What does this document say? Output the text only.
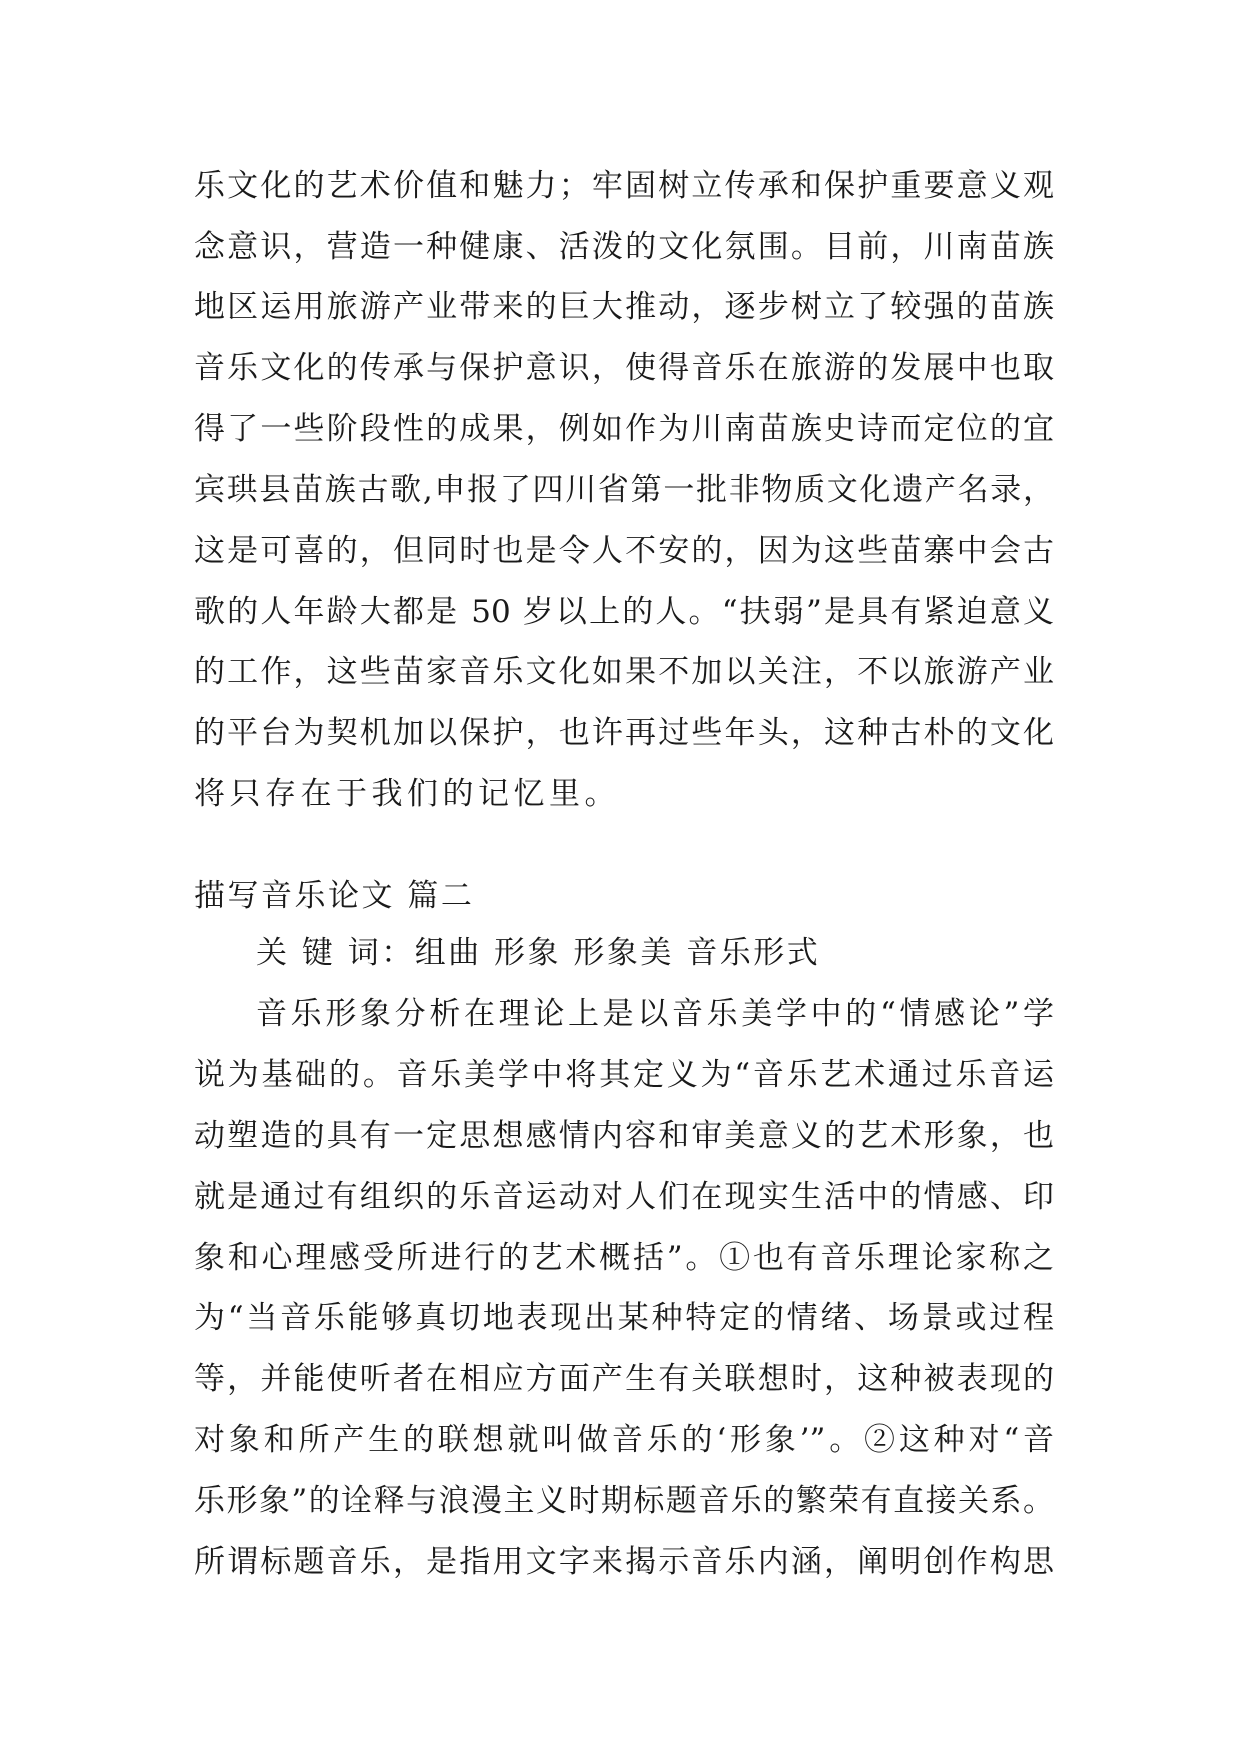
乐文化的艺术价值和魅力；牢固树立传承和保护重要意义观
念意识，营造一种健康、活泼的文化氛围。目前，川南苗族
地区运用旅游产业带来的巨大推动，逐步树立了较强的苗族
音乐文化的传承与保护意识，使得音乐在旅游的发展中也取
得了一些阶段性的成果，例如作为川南苗族史诗而定位的宜
宾珙县苗族古歌,申报了四川省第一批非物质文化遗产名录，
这是可喜的，但同时也是令人不安的，因为这些苗寨中会古
歌的人年龄大都是 50 岁以上的人。“扶弱”是具有紧迫意义
的工作，这些苗家音乐文化如果不加以关注，不以旅游产业
的平台为契机加以保护，也许再过些年头，这种古朴的文化
将只存在于我们的记忆里。
描写音乐论文 篇二
关 键 词：组曲 形象 形象美 音乐形式
音乐形象分析在理论上是以音乐美学中的“情感论”学
说为基础的。音乐美学中将其定义为“音乐艺术通过乐音运
动塑造的具有一定思想感情内容和审美意义的艺术形象，也
就是通过有组织的乐音运动对人们在现实生活中的情感、印
象和心理感受所进行的艺术概括”。①也有音乐理论家称之
为“当音乐能够真切地表现出某种特定的情绪、场景或过程
等，并能使听者在相应方面产生有关联想时，这种被表现的
对象和所产生的联想就叫做音乐的‘形象’”。②这种对“音
乐形象”的诠释与浪漫主义时期标题音乐的繁荣有直接关系。
所谓标题音乐，是指用文字来揭示音乐内涵，阐明创作构思
